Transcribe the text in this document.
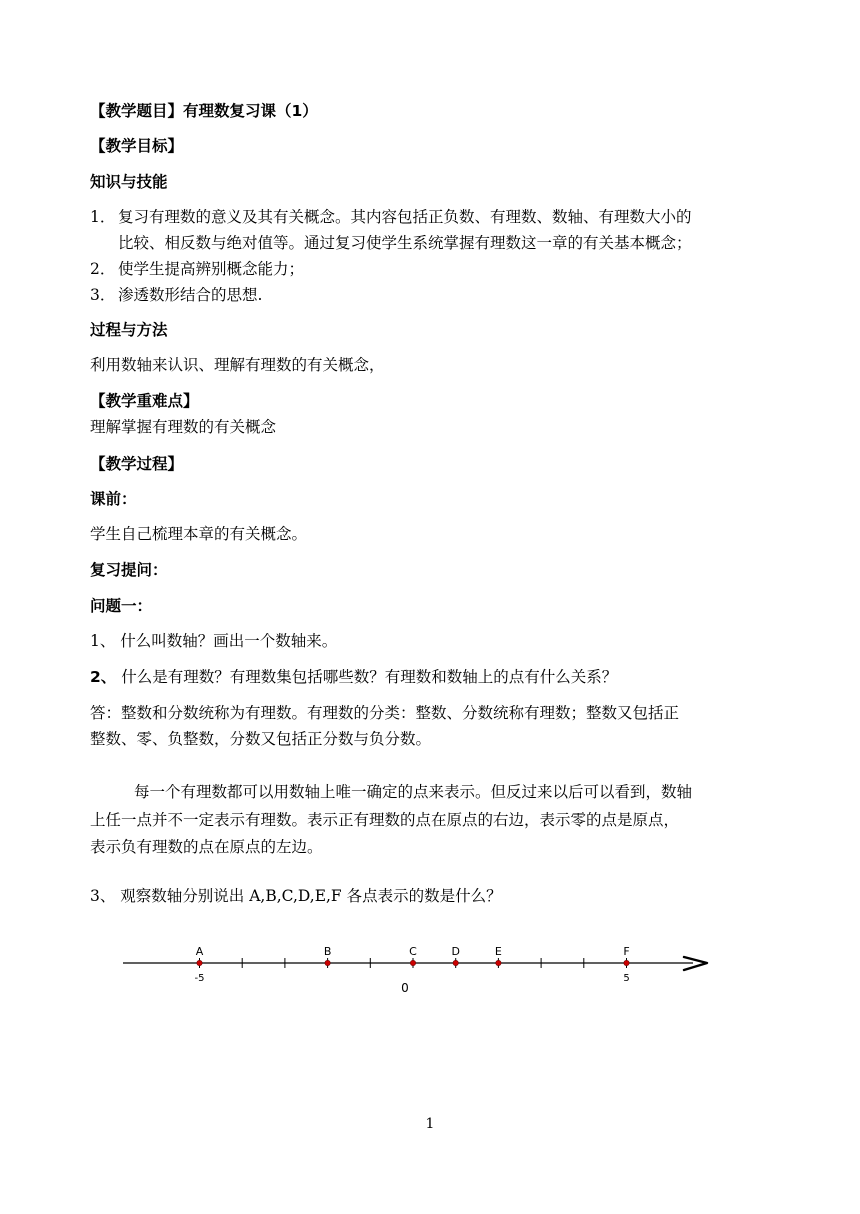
【教学题目】有理数复习课（1）
【教学目标】
知识与技能
1． 复习有理数的意义及其有关概念。其内容包括正负数、有理数、数轴、有理数大小的
比较、相反数与绝对值等。通过复习使学生系统掌握有理数这一章的有关基本概念；
2． 使学生提高辨别概念能力；
3． 渗透数形结合的思想.
过程与方法
利用数轴来认识、理解有理数的有关概念，
【教学重难点】
理解掌握有理数的有关概念
【教学过程】
课前：
学生自己梳理本章的有关概念。
复习提问：
问题一：
1、 什么叫数轴？画出一个数轴来。
2、 什么是有理数？有理数集包括哪些数？有理数和数轴上的点有什么关系？
答：整数和分数统称为有理数。有理数的分类：整数、分数统称有理数；整数又包括正
整数、零、负整数，分数又包括正分数与负分数。
每一个有理数都可以用数轴上唯一确定的点来表示。但反过来以后可以看到，数轴
上任一点并不一定表示有理数。表示正有理数的点在原点的右边，表示零的点是原点，
表示负有理数的点在原点的左边。
3、 观察数轴分别说出 A,B,C,D,E,F 各点表示的数是什么？
A	B	C	D	E	F
-5
0
5
1
